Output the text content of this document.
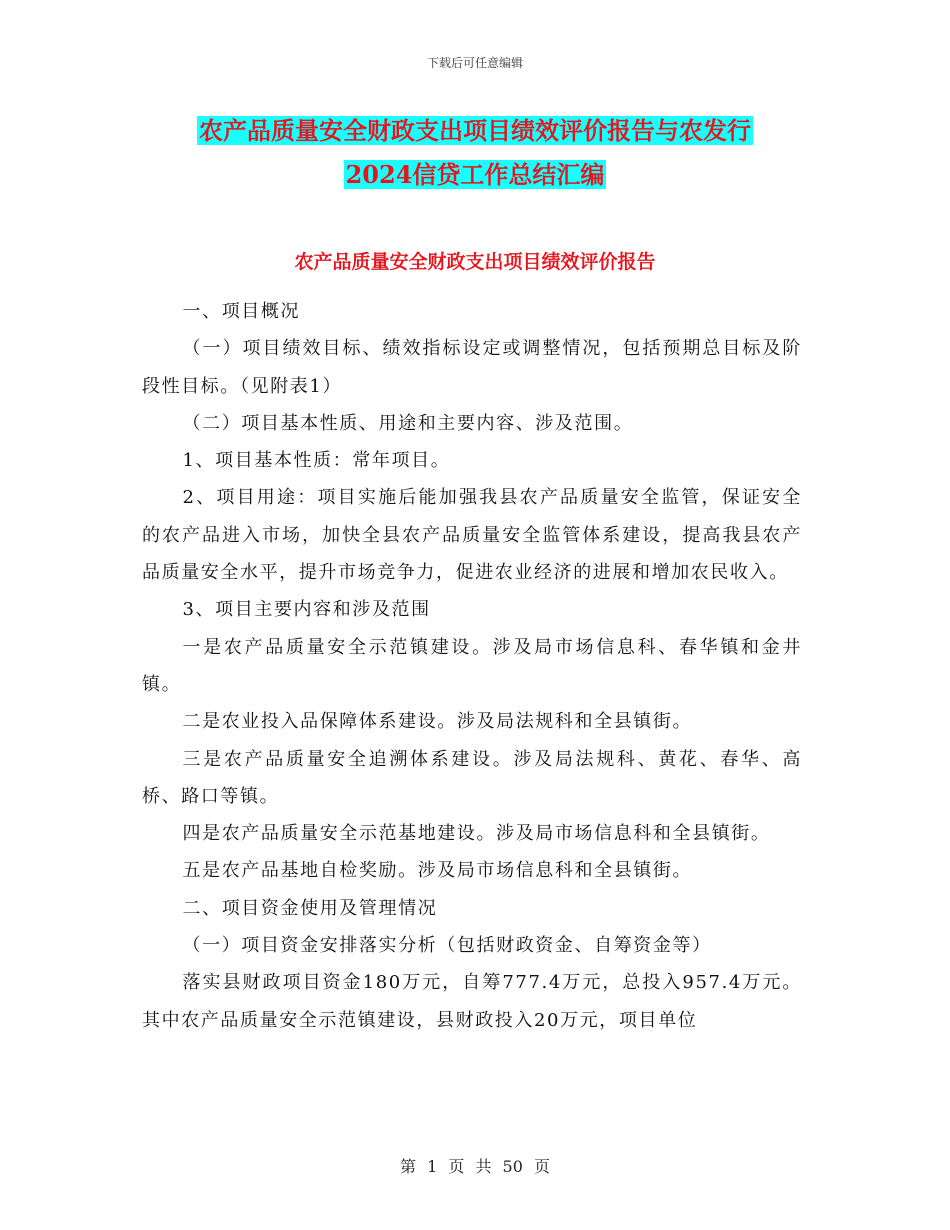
下载后可任意编辑
农产品质量安全财政支出项目绩效评价报告与农发行
2024信贷工作总结汇编
农产品质量安全财政支出项目绩效评价报告

一、项目概况

（一）项目绩效目标、绩效指标设定或调整情况，包括预期总目标及阶段性目标。（见附表1）

（二）项目基本性质、用途和主要内容、涉及范围。

1、项目基本性质：常年项目。

2、项目用途：项目实施后能加强我县农产品质量安全监管，保证安全的农产品进入市场，加快全县农产品质量安全监管体系建设，提高我县农产品质量安全水平，提升市场竞争力，促进农业经济的进展和增加农民收入。

3、项目主要内容和涉及范围

一是农产品质量安全示范镇建设。涉及局市场信息科、春华镇和金井镇。

二是农业投入品保障体系建设。涉及局法规科和全县镇街。

三是农产品质量安全追溯体系建设。涉及局法规科、黄花、春华、高桥、路口等镇。

四是农产品质量安全示范基地建设。涉及局市场信息科和全县镇街。

五是农产品基地自检奖励。涉及局市场信息科和全县镇街。

二、项目资金使用及管理情况

（一）项目资金安排落实分析（包括财政资金、自筹资金等）

落实县财政项目资金180万元，自筹777.4万元，总投入957.4万元。其中农产品质量安全示范镇建设，县财政投入20万元，项目单位

第 1 页 共 50 页
